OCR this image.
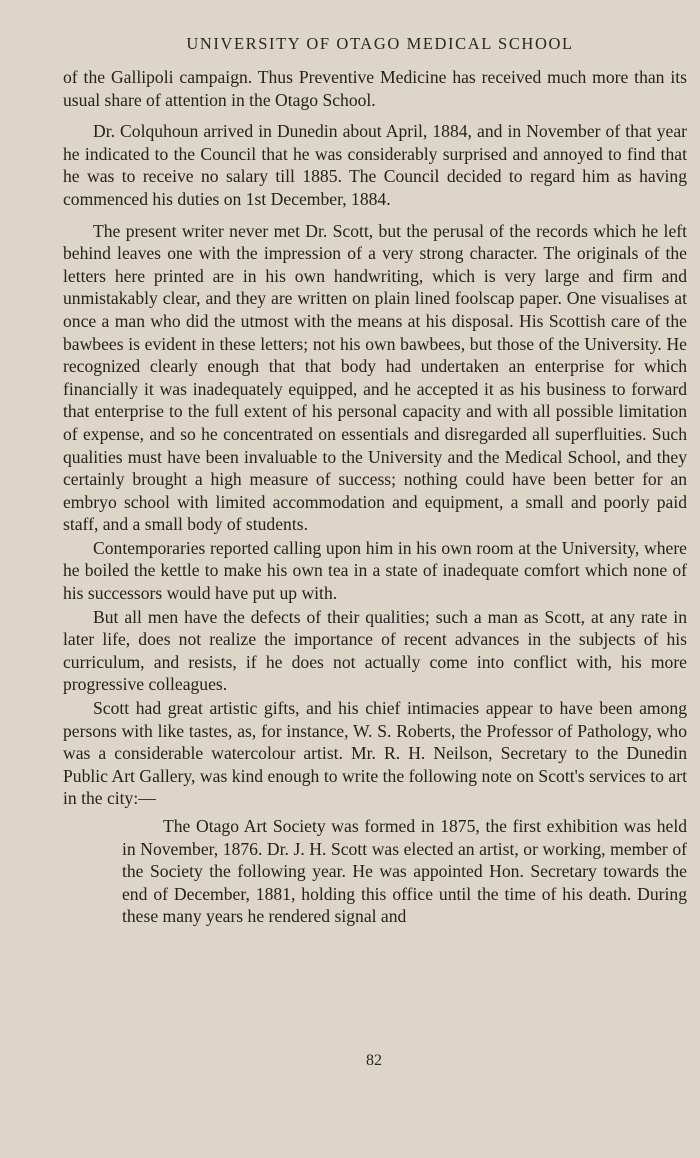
UNIVERSITY OF OTAGO MEDICAL SCHOOL

of the Gallipoli campaign. Thus Preventive Medicine has received much more than its usual share of attention in the Otago School.

Dr. Colquhoun arrived in Dunedin about April, 1884, and in November of that year he indicated to the Council that he was considerably surprised and annoyed to find that he was to receive no salary till 1885. The Council decided to regard him as having commenced his duties on 1st December, 1884.

The present writer never met Dr. Scott, but the perusal of the records which he left behind leaves one with the impression of a very strong character. The originals of the letters here printed are in his own handwriting, which is very large and firm and unmistakably clear, and they are written on plain lined foolscap paper. One visualises at once a man who did the utmost with the means at his disposal. His Scottish care of the bawbees is evident in these letters; not his own bawbees, but those of the University. He recognized clearly enough that that body had undertaken an enterprise for which financially it was inadequately equipped, and he accepted it as his business to forward that enterprise to the full extent of his personal capacity and with all possible limitation of expense, and so he concentrated on essentials and disregarded all superfluities. Such qualities must have been invaluable to the University and the Medical School, and they certainly brought a high measure of success; nothing could have been better for an embryo school with limited accommodation and equipment, a small and poorly paid staff, and a small body of students.

Contemporaries reported calling upon him in his own room at the University, where he boiled the kettle to make his own tea in a state of inadequate comfort which none of his successors would have put up with.

But all men have the defects of their qualities; such a man as Scott, at any rate in later life, does not realize the importance of recent advances in the subjects of his curriculum, and resists, if he does not actually come into conflict with, his more progressive colleagues.

Scott had great artistic gifts, and his chief intimacies appear to have been among persons with like tastes, as, for instance, W. S. Roberts, the Professor of Pathology, who was a considerable watercolour artist. Mr. R. H. Neilson, Secretary to the Dunedin Public Art Gallery, was kind enough to write the following note on Scott's services to art in the city:—

The Otago Art Society was formed in 1875, the first exhibition was held in November, 1876. Dr. J. H. Scott was elected an artist, or working, member of the Society the following year. He was appointed Hon. Secretary towards the end of December, 1881, holding this office until the time of his death. During these many years he rendered signal and

82
